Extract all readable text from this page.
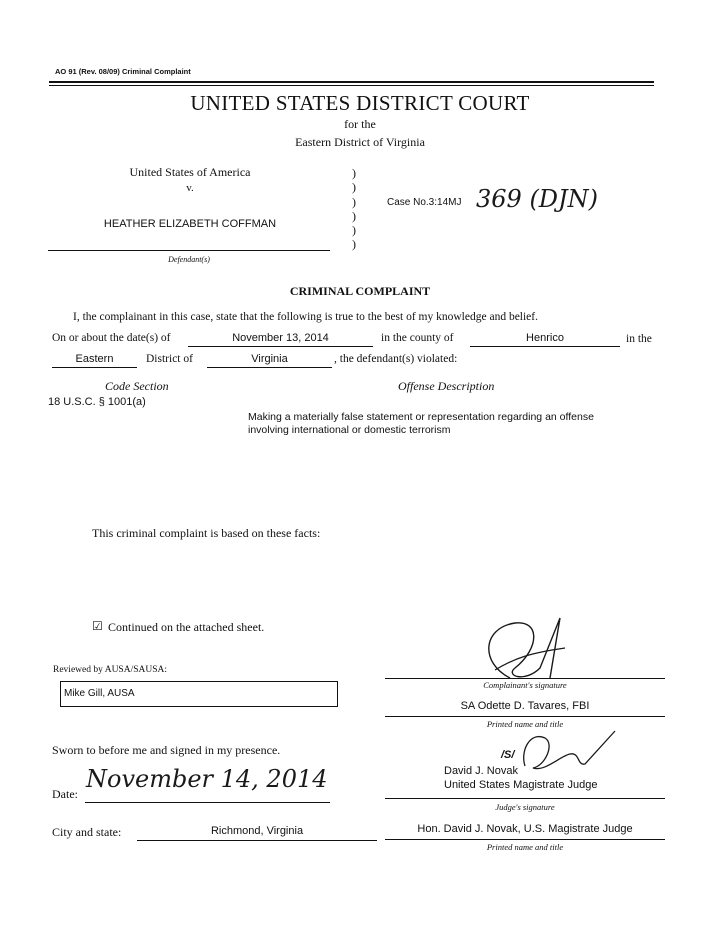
AO 91 (Rev. 08/09) Criminal Complaint
UNITED STATES DISTRICT COURT
for the
Eastern District of Virginia
United States of America
v.
HEATHER ELIZABETH COFFMAN
Defendant(s)
)
)
)
)
)
)
Case No.3:14MJ 369 (DJN)
CRIMINAL COMPLAINT
I, the complainant in this case, state that the following is true to the best of my knowledge and belief.
On or about the date(s) of	November 13, 2014	in the county of	Henrico	in the
Eastern	District of	Virginia	, the defendant(s) violated:
Code Section	Offense Description
18 U.S.C. § 1001(a)
Making a materially false statement or representation regarding an offense
involving international or domestic terrorism
This criminal complaint is based on these facts:
☑ Continued on the attached sheet.
Complainant's signature
SA Odette D. Tavares, FBI
Printed name and title
Reviewed by AUSA/SAUSA:
Mike Gill, AUSA
Sworn to before me and signed in my presence.	/S/
David J. Novak
United States Magistrate Judge
Judge's signature
Date:
November 14, 2014
City and state:	Richmond, Virginia	Hon. David J. Novak, U.S. Magistrate Judge
Printed name and title
